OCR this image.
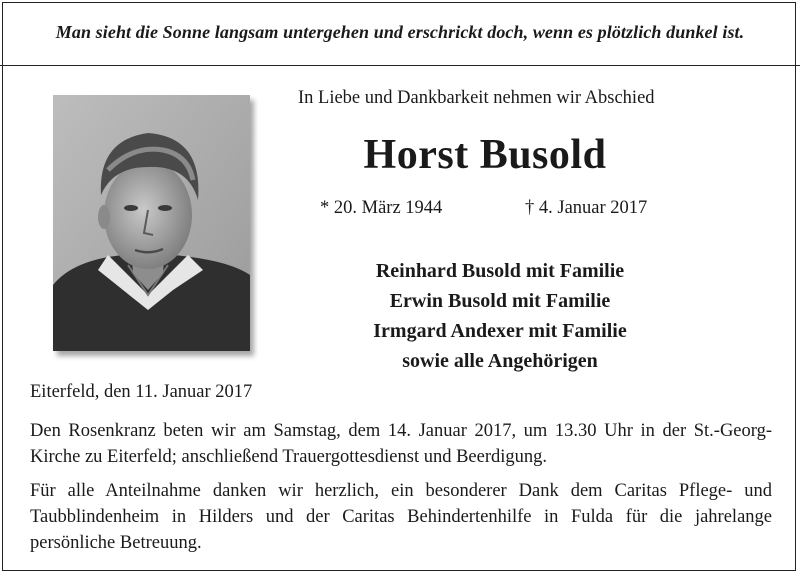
Man sieht die Sonne langsam untergehen und erschrickt doch, wenn es plötzlich dunkel ist.
In Liebe und Dankbarkeit nehmen wir Abschied
Horst Busold
* 20. März 1944	† 4. Januar 2017
Reinhard Busold mit Familie
Erwin Busold mit Familie
Irmgard Andexer mit Familie
sowie alle Angehörigen
Eiterfeld, den 11. Januar 2017
Den Rosenkranz beten wir am Samstag, dem 14. Januar 2017, um 13.30 Uhr in der St.-Georg-Kirche zu Eiterfeld; anschließend Trauergottesdienst und Beerdigung.
Für alle Anteilnahme danken wir herzlich, ein besonderer Dank dem Caritas Pflege- und Taubblindenheim in Hilders und der Caritas Behindertenhilfe in Fulda für die jahrelange persönliche Betreuung.
